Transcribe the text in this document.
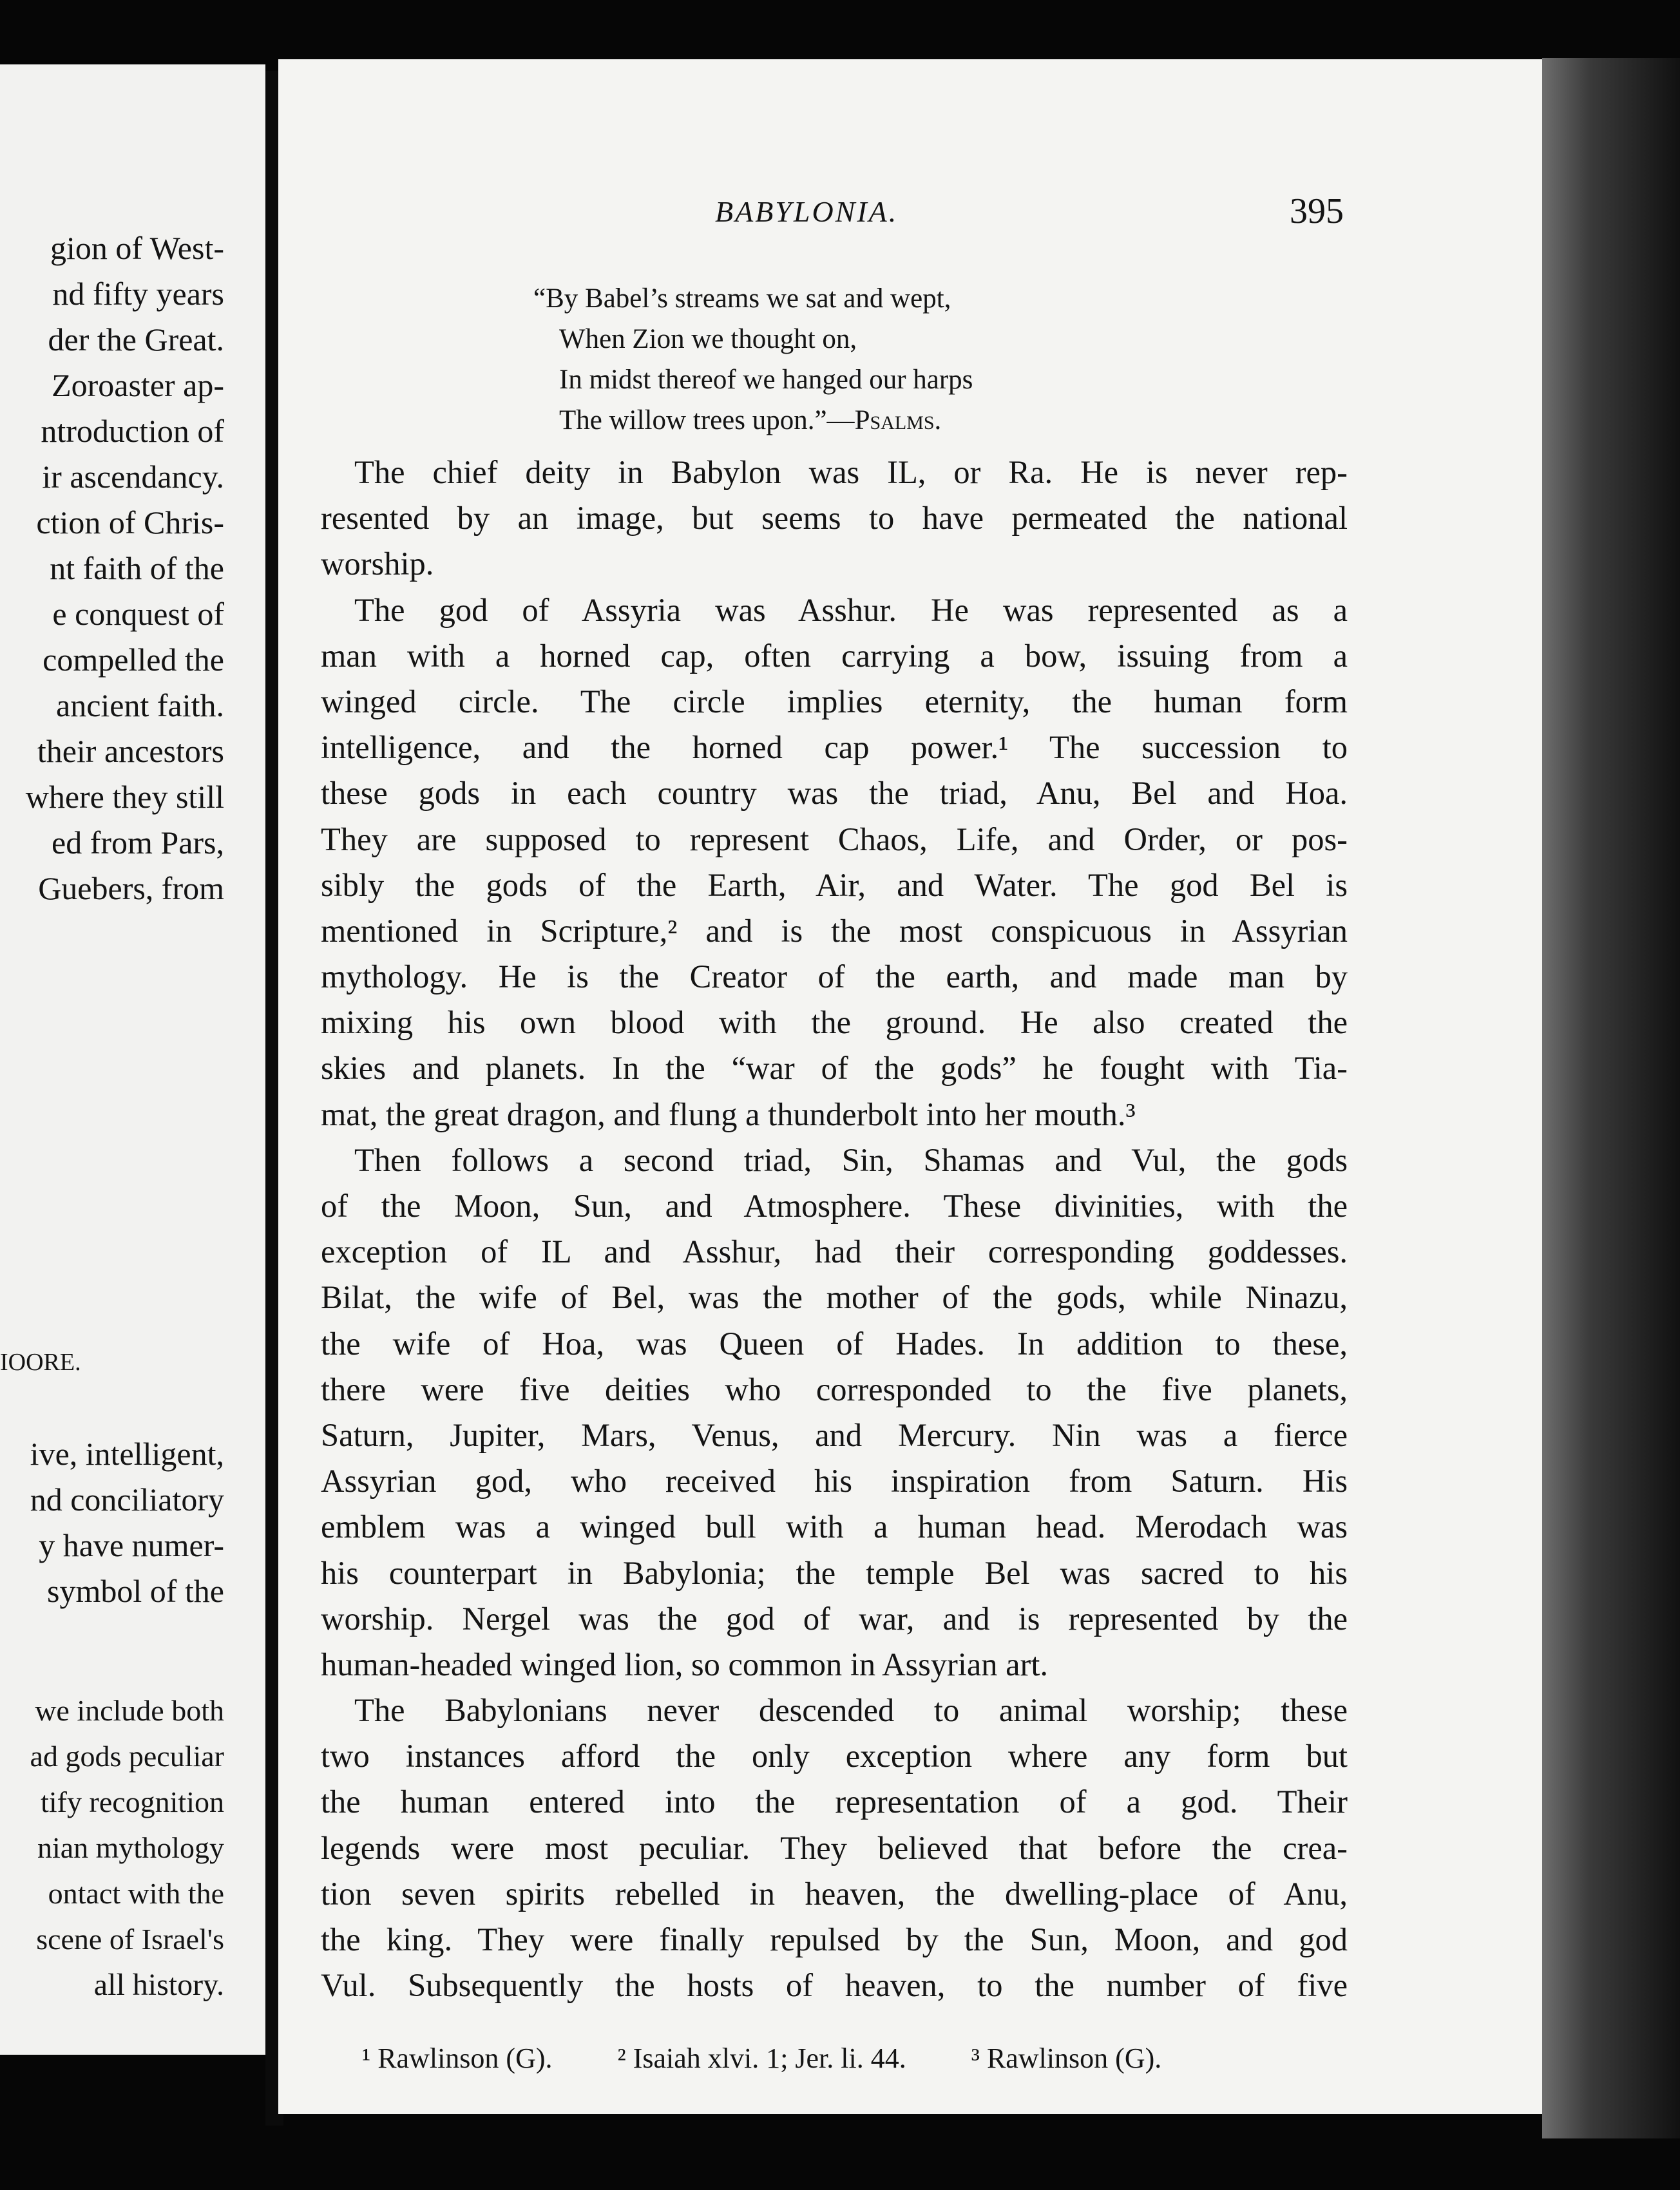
gion of West-
nd fifty years
der the Great.
Zoroaster ap-
ntroduction of
ir ascendancy.
ction of Chris-
nt faith of the
e conquest of
compelled the
ancient faith.
their ancestors
where they still
ed from Pars,
Guebers, from
IOORE.
ive, intelligent,
nd conciliatory
y have numer-
symbol of the
we include both
ad gods peculiar
tify recognition
nian mythology
ontact with the
scene of Israel's
all history.
BABYLONIA.	395
“By Babel’s streams we sat and wept,
When Zion we thought on,
In midst thereof we hanged our harps
The willow trees upon.”—Psalms.
The chief deity in Babylon was IL, or Ra. He is never rep-
resented by an image, but seems to have permeated the national
worship.
The god of Assyria was Asshur. He was represented as a
man with a horned cap, often carrying a bow, issuing from a
winged circle. The circle implies eternity, the human form
intelligence, and the horned cap power.¹ The succession to
these gods in each country was the triad, Anu, Bel and Hoa.
They are supposed to represent Chaos, Life, and Order, or pos-
sibly the gods of the Earth, Air, and Water. The god Bel is
mentioned in Scripture,² and is the most conspicuous in Assyrian
mythology. He is the Creator of the earth, and made man by
mixing his own blood with the ground. He also created the
skies and planets. In the “war of the gods” he fought with Tia-
mat, the great dragon, and flung a thunderbolt into her mouth.³
Then follows a second triad, Sin, Shamas and Vul, the gods
of the Moon, Sun, and Atmosphere. These divinities, with the
exception of IL and Asshur, had their corresponding goddesses.
Bilat, the wife of Bel, was the mother of the gods, while Ninazu,
the wife of Hoa, was Queen of Hades. In addition to these,
there were five deities who corresponded to the five planets,
Saturn, Jupiter, Mars, Venus, and Mercury. Nin was a fierce
Assyrian god, who received his inspiration from Saturn. His
emblem was a winged bull with a human head. Merodach was
his counterpart in Babylonia; the temple Bel was sacred to his
worship. Nergel was the god of war, and is represented by the
human-headed winged lion, so common in Assyrian art.
The Babylonians never descended to animal worship; these
two instances afford the only exception where any form but
the human entered into the representation of a god. Their
legends were most peculiar. They believed that before the crea-
tion seven spirits rebelled in heaven, the dwelling-place of Anu,
the king. They were finally repulsed by the Sun, Moon, and god
Vul. Subsequently the hosts of heaven, to the number of five
¹ Rawlinson (G). ² Isaiah xlvi. 1; Jer. li. 44. ³ Rawlinson (G).
